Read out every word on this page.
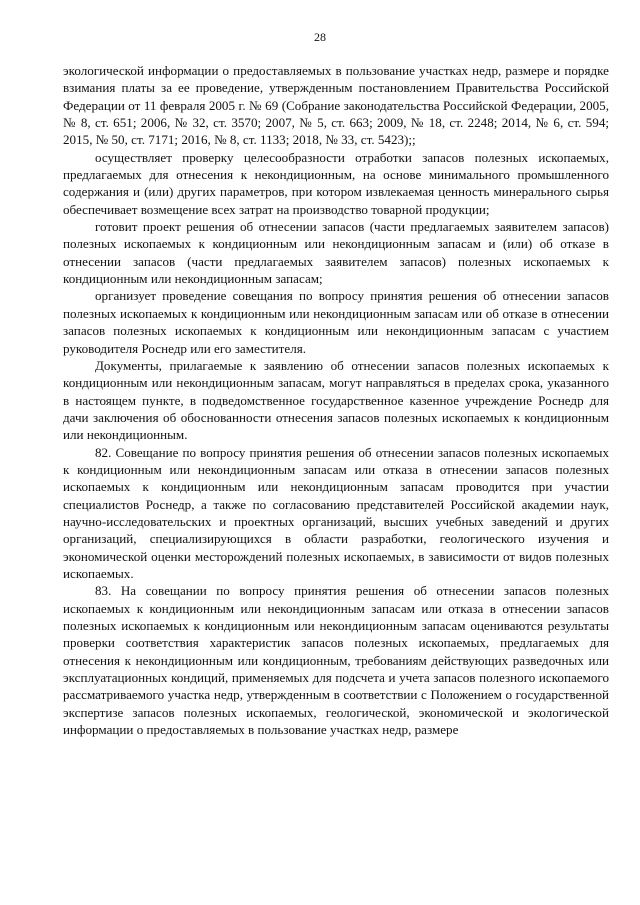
28

экологической информации о предоставляемых в пользование участках недр, размере и порядке взимания платы за ее проведение, утвержденным постановлением Правительства Российской Федерации от 11 февраля 2005 г. № 69 (Собрание законодательства Российской Федерации, 2005, № 8, ст. 651; 2006, № 32, ст. 3570; 2007, № 5, ст. 663; 2009, № 18, ст. 2248; 2014, № 6, ст. 594; 2015, № 50, ст. 7171; 2016, № 8, ст. 1133; 2018, № 33, ст. 5423);;

осуществляет проверку целесообразности отработки запасов полезных ископаемых, предлагаемых для отнесения к некондиционным, на основе минимального промышленного содержания и (или) других параметров, при котором извлекаемая ценность минерального сырья обеспечивает возмещение всех затрат на производство товарной продукции;

готовит проект решения об отнесении запасов (части предлагаемых заявителем запасов) полезных ископаемых к кондиционным или некондиционным запасам и (или) об отказе в отнесении запасов (части предлагаемых заявителем запасов) полезных ископаемых к кондиционным или некондиционным запасам;

организует проведение совещания по вопросу принятия решения об отнесении запасов полезных ископаемых к кондиционным или некондиционным запасам или об отказе в отнесении запасов полезных ископаемых к кондиционным или некондиционным запасам с участием руководителя Роснедр или его заместителя.

Документы, прилагаемые к заявлению об отнесении запасов полезных ископаемых к кондиционным или некондиционным запасам, могут направляться в пределах срока, указанного в настоящем пункте, в подведомственное государственное казенное учреждение Роснедр для дачи заключения об обоснованности отнесения запасов полезных ископаемых к кондиционным или некондиционным.

82. Совещание по вопросу принятия решения об отнесении запасов полезных ископаемых к кондиционным или некондиционным запасам или отказа в отнесении запасов полезных ископаемых к кондиционным или некондиционным запасам проводится при участии специалистов Роснедр, а также по согласованию представителей Российской академии наук, научно-исследовательских и проектных организаций, высших учебных заведений и других организаций, специализирующихся в области разработки, геологического изучения и экономической оценки месторождений полезных ископаемых, в зависимости от видов полезных ископаемых.

83. На совещании по вопросу принятия решения об отнесении запасов полезных ископаемых к кондиционным или некондиционным запасам или отказа в отнесении запасов полезных ископаемых к кондиционным или некондиционным запасам оцениваются результаты проверки соответствия характеристик запасов полезных ископаемых, предлагаемых для отнесения к некондиционным или кондиционным, требованиям действующих разведочных или эксплуатационных кондиций, применяемых для подсчета и учета запасов полезного ископаемого рассматриваемого участка недр, утвержденным в соответствии с Положением о государственной экспертизе запасов полезных ископаемых, геологической, экономической и экологической информации о предоставляемых в пользование участках недр, размере
